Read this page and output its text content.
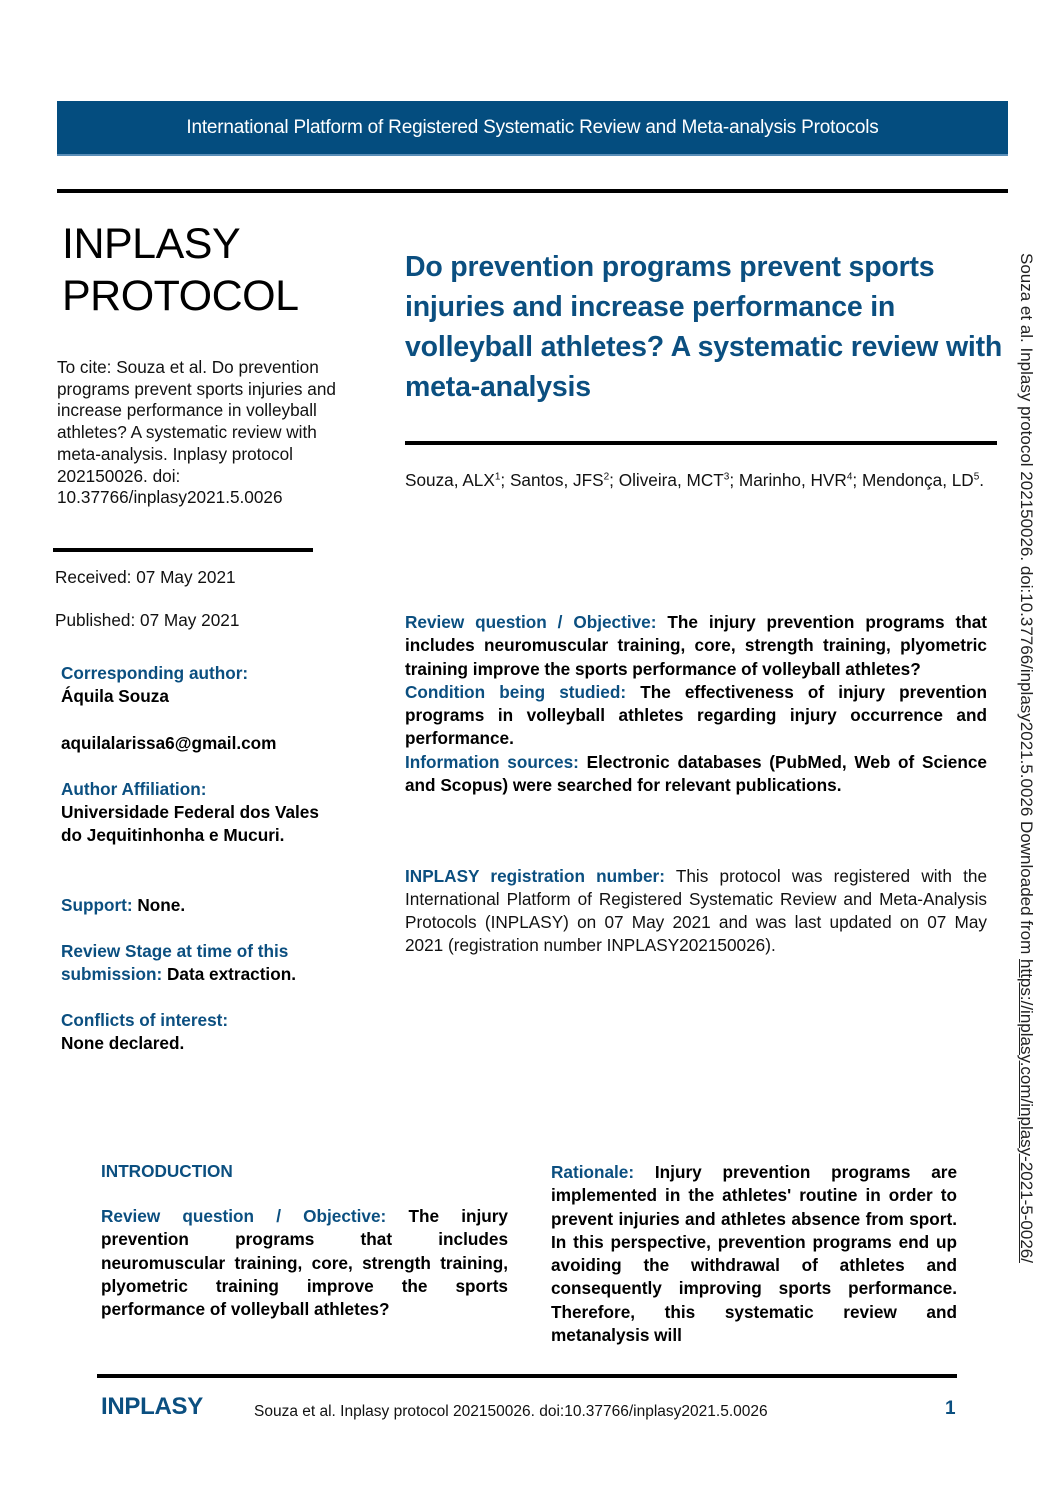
International Platform of Registered Systematic Review and Meta-analysis Protocols
INPLASY
PROTOCOL
To cite: Souza et al. Do prevention programs prevent sports injuries and increase performance in volleyball athletes? A systematic review with meta-analysis. Inplasy protocol 202150026. doi: 10.37766/inplasy2021.5.0026
Received: 07 May 2021
Published: 07 May 2021
Corresponding author:
Áquila Souza
aquilalarissa6@gmail.com
Author Affiliation:
Universidade Federal dos Vales do Jequitinhonha e Mucuri.
Support: None.
Review Stage at time of this submission: Data extraction.
Conflicts of interest:
None declared.
Do prevention programs prevent sports injuries and increase performance in volleyball athletes? A systematic review with meta-analysis
Souza, ALX$^1$; Santos, JFS$^2$; Oliveira, MCT$^3$; Marinho, HVR$^4$; Mendonça, $LD^5$.

Review question / Objective: The injury prevention programs that includes neuromuscular training, core, strength training, plyometric training improve the sports performance of volleyball athletes?

Condition being studied: The effectiveness of injury prevention programs in volleyball athletes regarding injury occurrence and performance.

Information sources: Electronic databases (PubMed, Web of Science and Scopus) were searched for relevant publications.

INPLASY registration number: This protocol was registered with the International Platform of Registered Systematic Review and Meta-Analysis Protocols (INPLASY) on 07 May 2021 and was last updated on 07 May 2021 (registration number INPLASY202150026).
INTRODUCTION
Review question / Objective: The injury prevention programs that includes neuromuscular training, core, strength training, plyometric training improve the sports performance of volleyball athletes?
Rationale: Injury prevention programs are implemented in the athletes' routine in order to prevent injuries and athletes absence from sport. In this perspective, prevention programs end up avoiding the withdrawal of athletes and consequently improving sports performance. Therefore, this systematic review and metanalysis will
INPLASY	Souza et al. Inplasy protocol 202150026. doi:10.37766/inplasy2021.5.0026	1
Souza et al. Inplasy protocol 202150026. doi:10.37766/inplasy2021.5.0026 Downloaded from https://inplasy.com/inplasy-2021-5-0026/
